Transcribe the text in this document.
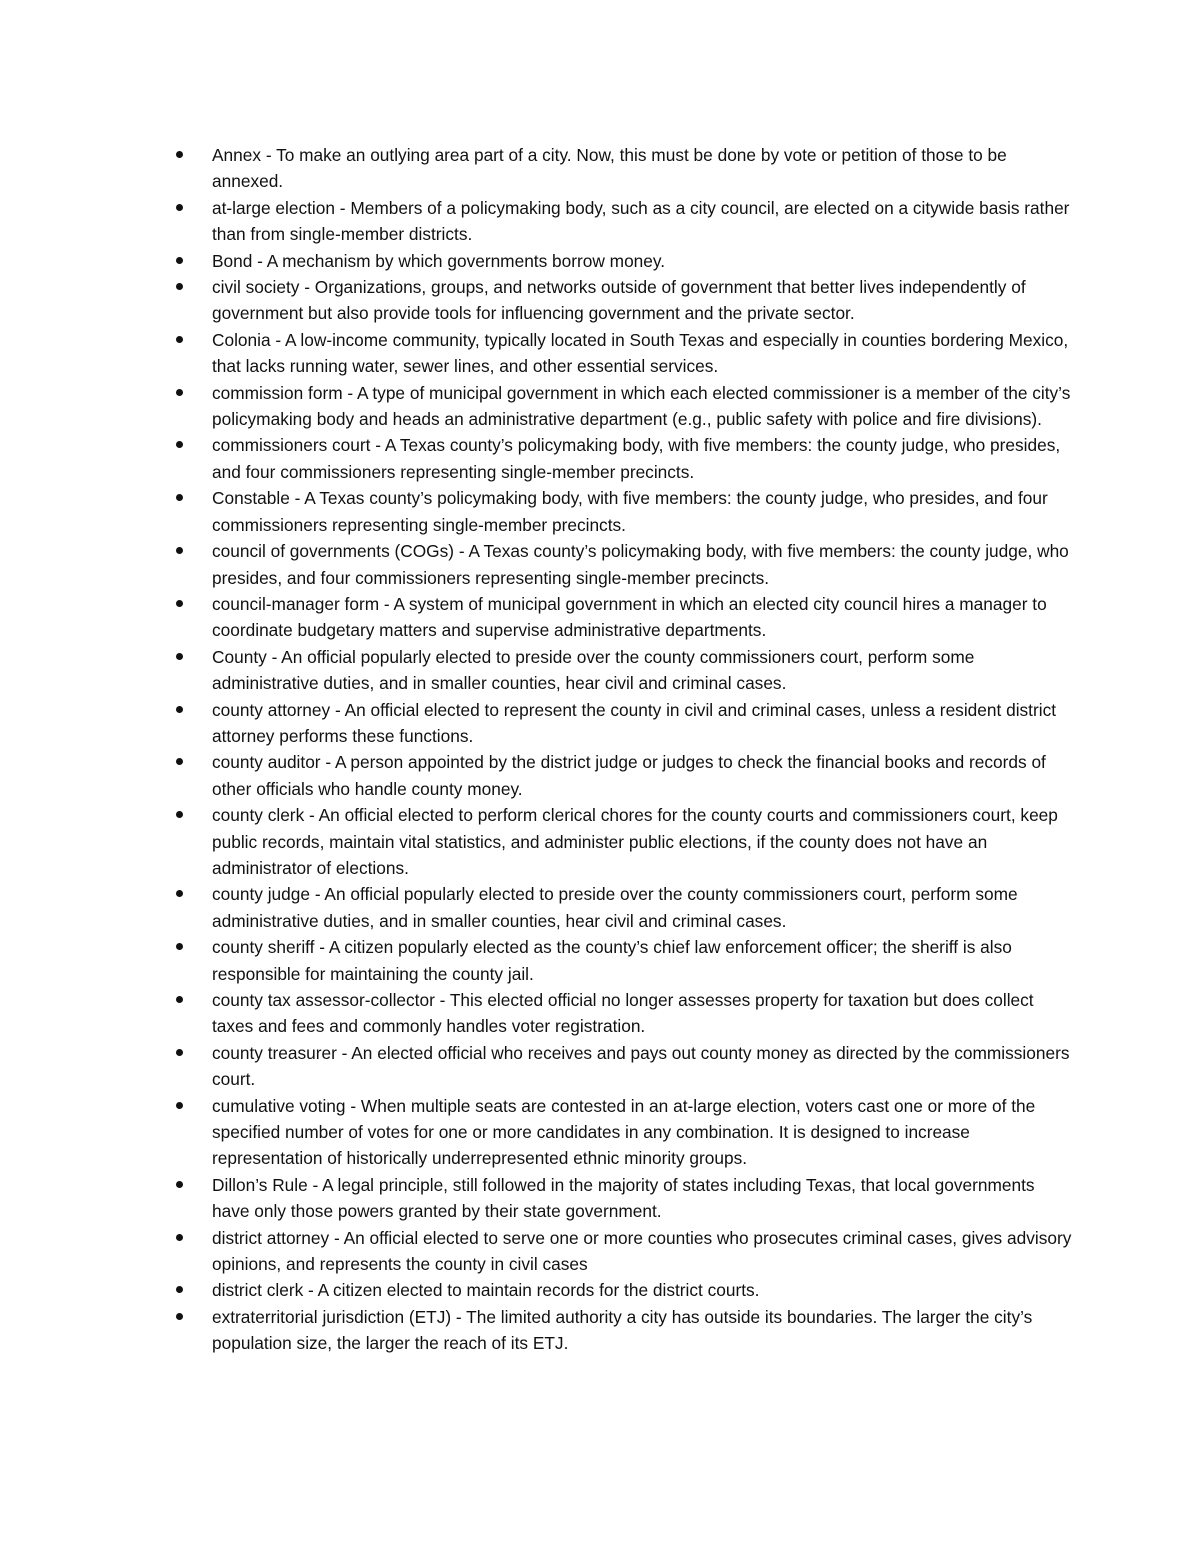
Annex - To make an outlying area part of a city. Now, this must be done by vote or petition of those to be annexed.
at-large election - Members of a policymaking body, such as a city council, are elected on a citywide basis rather than from single-member districts.
Bond - A mechanism by which governments borrow money.
civil society - Organizations, groups, and networks outside of government that better lives independently of government but also provide tools for influencing government and the private sector.
Colonia - A low-income community, typically located in South Texas and especially in counties bordering Mexico, that lacks running water, sewer lines, and other essential services.
commission form - A type of municipal government in which each elected commissioner is a member of the city’s policymaking body and heads an administrative department (e.g., public safety with police and fire divisions).
commissioners court - A Texas county’s policymaking body, with five members: the county judge, who presides, and four commissioners representing single-member precincts.
Constable - A Texas county’s policymaking body, with five members: the county judge, who presides, and four commissioners representing single-member precincts.
council of governments (COGs) - A Texas county’s policymaking body, with five members: the county judge, who presides, and four commissioners representing single-member precincts.
council-manager form - A system of municipal government in which an elected city council hires a manager to coordinate budgetary matters and supervise administrative departments.
County - An official popularly elected to preside over the county commissioners court, perform some administrative duties, and in smaller counties, hear civil and criminal cases.
county attorney - An official elected to represent the county in civil and criminal cases, unless a resident district attorney performs these functions.
county auditor - A person appointed by the district judge or judges to check the financial books and records of other officials who handle county money.
county clerk - An official elected to perform clerical chores for the county courts and commissioners court, keep public records, maintain vital statistics, and administer public elections, if the county does not have an administrator of elections.
county judge - An official popularly elected to preside over the county commissioners court, perform some administrative duties, and in smaller counties, hear civil and criminal cases.
county sheriff - A citizen popularly elected as the county’s chief law enforcement officer; the sheriff is also responsible for maintaining the county jail.
county tax assessor-collector - This elected official no longer assesses property for taxation but does collect taxes and fees and commonly handles voter registration.
county treasurer - An elected official who receives and pays out county money as directed by the commissioners court.
cumulative voting - When multiple seats are contested in an at-large election, voters cast one or more of the specified number of votes for one or more candidates in any combination. It is designed to increase representation of historically underrepresented ethnic minority groups.
Dillon’s Rule - A legal principle, still followed in the majority of states including Texas, that local governments have only those powers granted by their state government.
district attorney - An official elected to serve one or more counties who prosecutes criminal cases, gives advisory opinions, and represents the county in civil cases
district clerk - A citizen elected to maintain records for the district courts.
extraterritorial jurisdiction (ETJ) - The limited authority a city has outside its boundaries. The larger the city’s population size, the larger the reach of its ETJ.
